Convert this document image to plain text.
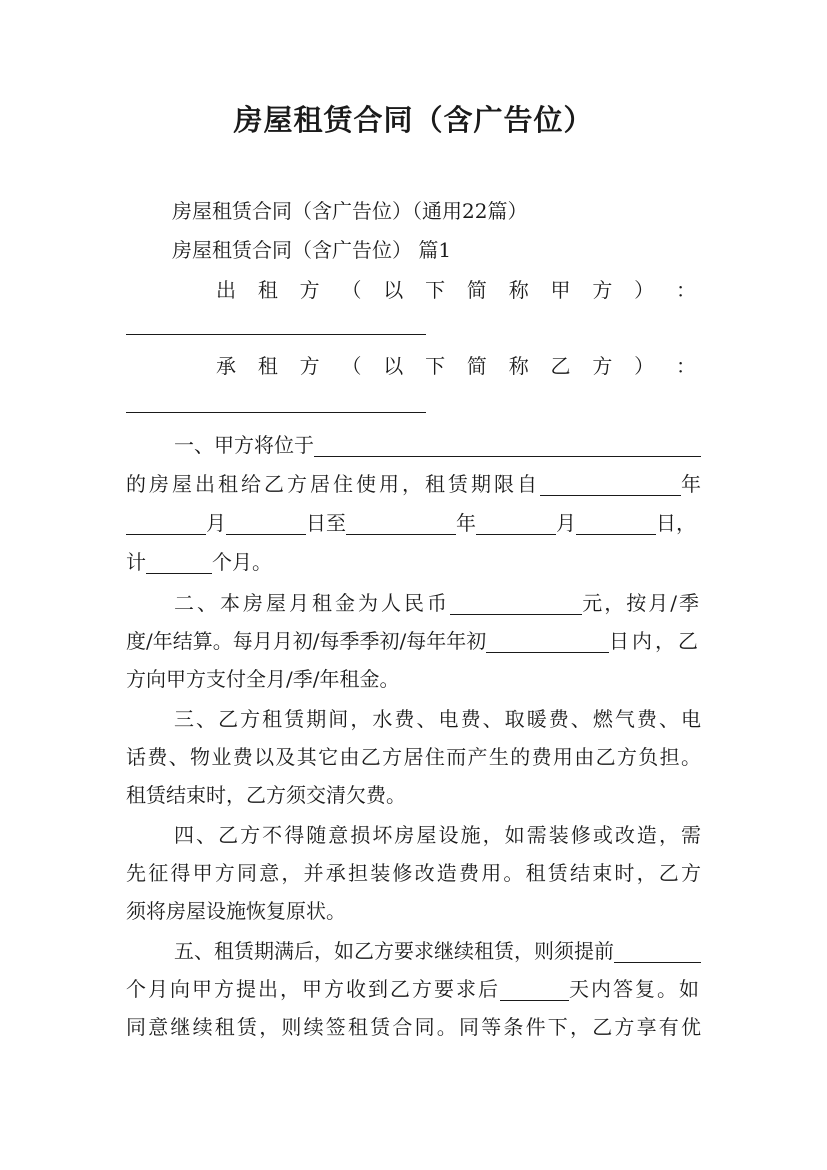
房屋租赁合同（含广告位）
房屋租赁合同（含广告位）（通用22篇）
房屋租赁合同（含广告位） 篇1
出 租 方 （ 以 下 简 称 甲 方 ） ：
承 租 方 （ 以 下 简 称 乙 方 ） ：
一、甲方将位于
的房屋出租给乙方居住使用，租赁期限自	年
月	日至	年	月	日，
计	个月。
二、本房屋月租金为人民币	元，按月/季
度/年结算。每月月初/每季季初/每年年初	日内，乙
方向甲方支付全月/季/年租金。
三、乙方租赁期间，水费、电费、取暖费、燃气费、电
话费、物业费以及其它由乙方居住而产生的费用由乙方负担。
租赁结束时，乙方须交清欠费。
四、乙方不得随意损坏房屋设施，如需装修或改造，需
先征得甲方同意，并承担装修改造费用。租赁结束时，乙方
须将房屋设施恢复原状。
五、租赁期满后，如乙方要求继续租赁，则须提前
个月向甲方提出，甲方收到乙方要求后	天内答复。如
同意继续租赁，则续签租赁合同。同等条件下，乙方享有优
